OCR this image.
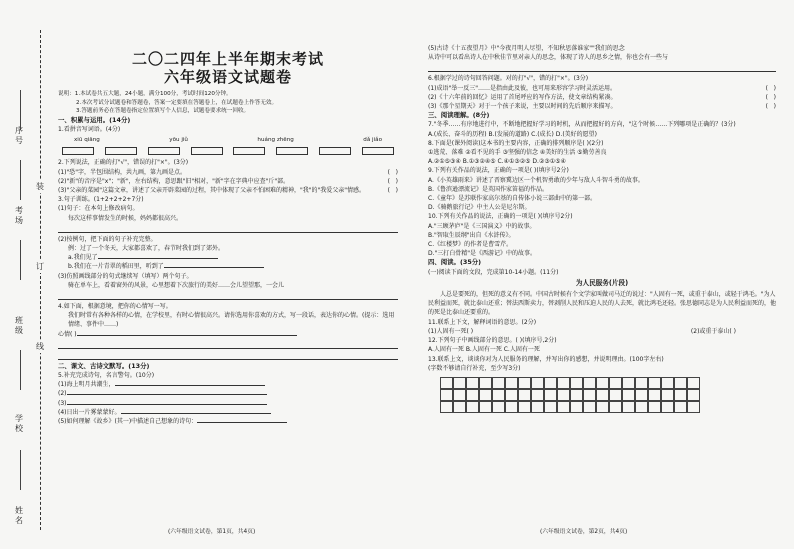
序号
考场
班级
学校
姓名
装
订
线
二〇二四年上半年期末考试
六年级语文试题卷
说明：1.本试卷共五大题，24小题，满分100分，考试时间120分钟。
2.本次考试分试题卷和答题卷，答案一定要填在答题卷上，在试题卷上作答无效。
3.答题前务必在答题卷指定位置填写个人信息，试题卷要求统一回收。
一、积累与运用。(14分)
1.看拼音写词语。(4分)
xiū qiāng	yōu jiǔ	huáng zhēng	dǎ jiǎo
2.下列说法，正确的打"√"，错误的打"×"。(3分)
(   )
(1)"恐"字，半包围结构，共九画，第九画是点。
(   )
(2)"新"的音序是"x"；"新"，左右结构，意思跟"旧"相对，"新"字在字典中应查"斤"部。
(   )
(3)"父亲的菜园"这篇文章，讲述了父亲开辟菜园的过程，其中体现了父亲不怕困难的精神，"我"的"我爱父亲"情感。
3.句子训练。(1+2+2+2+7分)
(1)句子：在本句上修改病句。
每次这样事情发生的时候，妈妈都很高兴。
(2)按例句，把下面的句子补充完整。
例：过了一个冬天，大家都喜欢了，春节时我们到了郊外。
a.我们见了
b.我们在一片青翠的稻田里，听到了
(3)仿照画线部分的句式继续写（填写）两个句子。
骑在单车上，看着窗外的风景，心里想着下次旅行的美好……会儿望望那，一会儿
4.如下面，根据意境，把你的心情写一写。
我们时常有各种各样的心情，在学校里，有时心情很高兴。请你选用你喜欢的方式，写一段话，表达你的心情。(提示：选用情绪、事件中……)
心情( )
二、课文、古诗文默写。(13分)
5.补充完成诗句，名言警句。(10分)
(1)海上明月共潮生，
(2)
(3)
(4)日出一片雾蒙蒙好。
(5)如何理解《故乡》(其一)中描述自己想象的诗句：
(六年级语文试卷，第1页，共4页)
(5)古诗《十五夜望月》中"今夜月明人尽望，不知秋思落谁家""我们的思念
从诗中可以看出诗人在中秋佳节里对亲人的思念，体现了诗人的思乡之情，你也会有一些与
6.根据学过的诗句回答问题。对的打"√"，错的打"×"。(3分)
(   )
(1)成语"举一反三"……是指由此及彼，也可用来形容学习时灵活运用。
(   )
(2)《十六年前的回忆》运用了首尾呼应的写作方法，使文章结构紧凑。
(   )
(3)《那个星期天》对于一个孩子来说，主要以时间的先后顺序来描写。
三、阅读理解。(8分)
7."冬季……有序地进行中，不断地把握好学习的时机，从而把握好的方向，"这个时候……下列哪项是正确的？(3分)
A.(成长、奋斗的历程) B.(发展的道路) C.(成长) D.(美好的愿望)
8.下面是(课外阅读)这本书的主要内容，正确的排列顺序是( )(2分)
①逃荒、落难 ②看不见的手 ③坚强的信念 ④美好的生活 ⑤勤劳善良
A.②①⑤③④ B.①③②④⑤ C.④①③②⑤ D.②③①⑤④
9.下列有关作品的说法，正确的一项是( )(填序号2分)
A.《小英雄雨来》讲述了晋察冀边区一个机智勇敢的少年与敌人斗智斗勇的故事。
B.《鲁滨逊漂流记》是英国作家笛福的作品。
C.《童年》是苏联作家高尔基的自传体小说三部曲中的第一部。
D.《骑鹅旅行记》中主人公是尼尔斯。
10.下列有关作品的说法，正确的一项是( )(填序号2分)
A."三顾茅庐"是《三国演义》中的故事。
B."智取生辰纲"出自《水浒传》。
C.《红楼梦》的作者是曹雪芹。
D."三打白骨精"是《西游记》中的故事。
四、阅读。(35分)
(一)阅读下面的文段，完成第10-14小题。(11分)
为人民服务(片段)
人总是要死的，但死的意义有不同。中国古时候有个文学家叫做司马迁的说过："人固有一死，或重于泰山，或轻于鸿毛。"为人民利益而死，就比泰山还重；替法西斯卖力，替剥削人民和压迫人民的人去死，就比鸿毛还轻。张思德同志是为人民利益而死的，他的死是比泰山还要重的。
11.联系上下文，解释词语的意思。(2分)
(1)人固有一死( )	(2)或重于泰山( )
12.下列句子中画线部分的意思。( )(填序号,2分)
A.人固有一死 B.人固有一死 C.人固有一死
13.联系上文，谈谈你对为人民服务的理解，并写出你的感想，并说明理由。(100字左右)
(字数不够请自行补充，至少写3分)
(六年级语文试卷，第2页，共4页)
